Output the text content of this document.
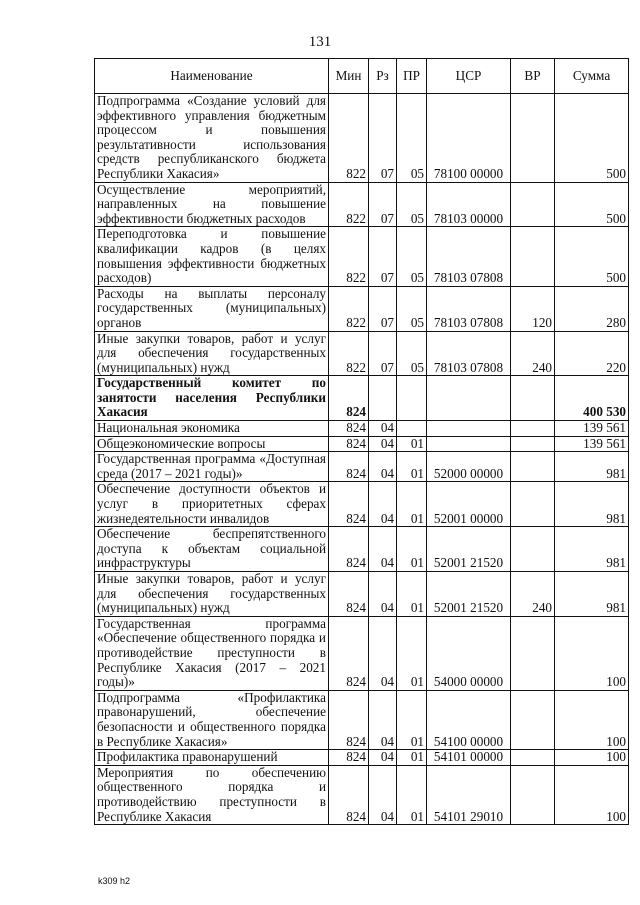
131
Наименование	Мин	Рз	ПР	ЦСР	ВР	Сумма
Подпрограмма «Создание условий для эффективного управления бюджетным процессом и повышения результативности использования средств республиканского бюджета Республики Хакасия»	822	07	05	78100 00000		500
Осуществление мероприятий, направленных на повышение эффективности бюджетных расходов	822	07	05	78103 00000		500
Переподготовка и повышение квалификации кадров (в целях повышения эффективности бюджетных расходов)	822	07	05	78103 07808		500
Расходы на выплаты персоналу государственных (муниципальных) органов	822	07	05	78103 07808	120	280
Иные закупки товаров, работ и услуг для обеспечения государственных (муниципальных) нужд	822	07	05	78103 07808	240	220
Государственный комитет по занятости населения Республики Хакасия	824					400 530
Национальная экономика	824	04				139 561
Общеэкономические вопросы	824	04	01			139 561
Государственная программа «Доступная среда (2017 – 2021 годы)»	824	04	01	52000 00000		981
Обеспечение доступности объектов и услуг в приоритетных сферах жизнедеятельности инвалидов	824	04	01	52001 00000		981
Обеспечение беспрепятственного доступа к объектам социальной инфраструктуры	824	04	01	52001 21520		981
Иные закупки товаров, работ и услуг для обеспечения государственных (муниципальных) нужд	824	04	01	52001 21520	240	981
Государственная программа «Обеспечение общественного порядка и противодействие преступности в Республике Хакасия (2017 – 2021 годы)»	824	04	01	54000 00000		100
Подпрограмма «Профилактика правонарушений, обеспечение безопасности и общественного порядка в Республике Хакасия»	824	04	01	54100 00000		100
Профилактика правонарушений	824	04	01	54101 00000		100
Мероприятия по обеспечению общественного порядка и противодействию преступности в Республике Хакасия	824	04	01	54101 29010		100
k309 h2
